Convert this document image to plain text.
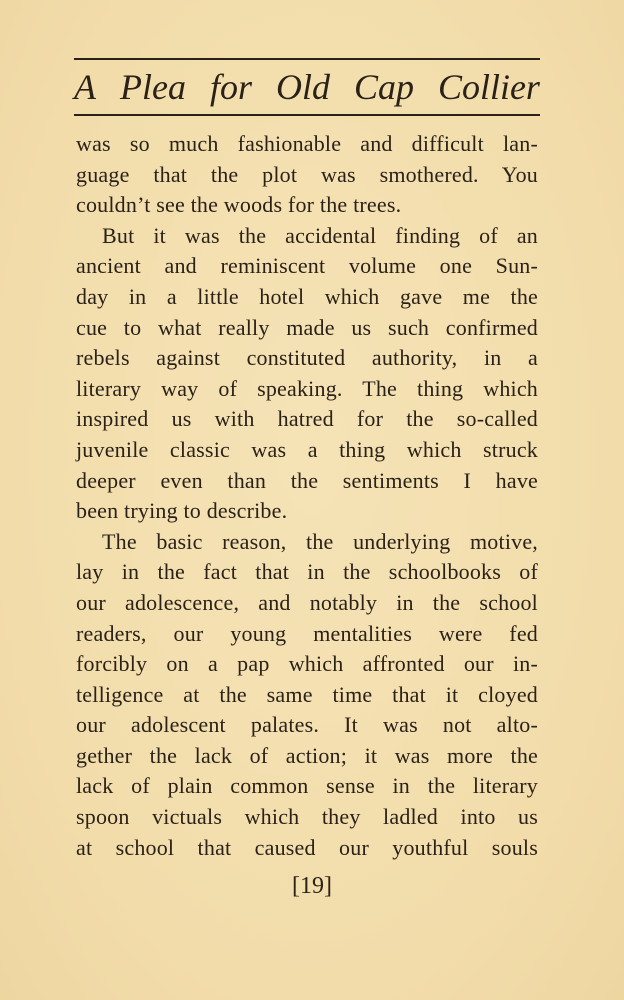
A Plea for Old Cap Collier
was so much fashionable and difficult lan-
guage that the plot was smothered. You
couldn’t see the woods for the trees.
But it was the accidental finding of an
ancient and reminiscent volume one Sun-
day in a little hotel which gave me the
cue to what really made us such confirmed
rebels against constituted authority, in a
literary way of speaking. The thing which
inspired us with hatred for the so-called
juvenile classic was a thing which struck
deeper even than the sentiments I have
been trying to describe.
The basic reason, the underlying motive,
lay in the fact that in the schoolbooks of
our adolescence, and notably in the school
readers, our young mentalities were fed
forcibly on a pap which affronted our in-
telligence at the same time that it cloyed
our adolescent palates. It was not alto-
gether the lack of action; it was more the
lack of plain common sense in the literary
spoon victuals which they ladled into us
at school that caused our youthful souls
[19]
